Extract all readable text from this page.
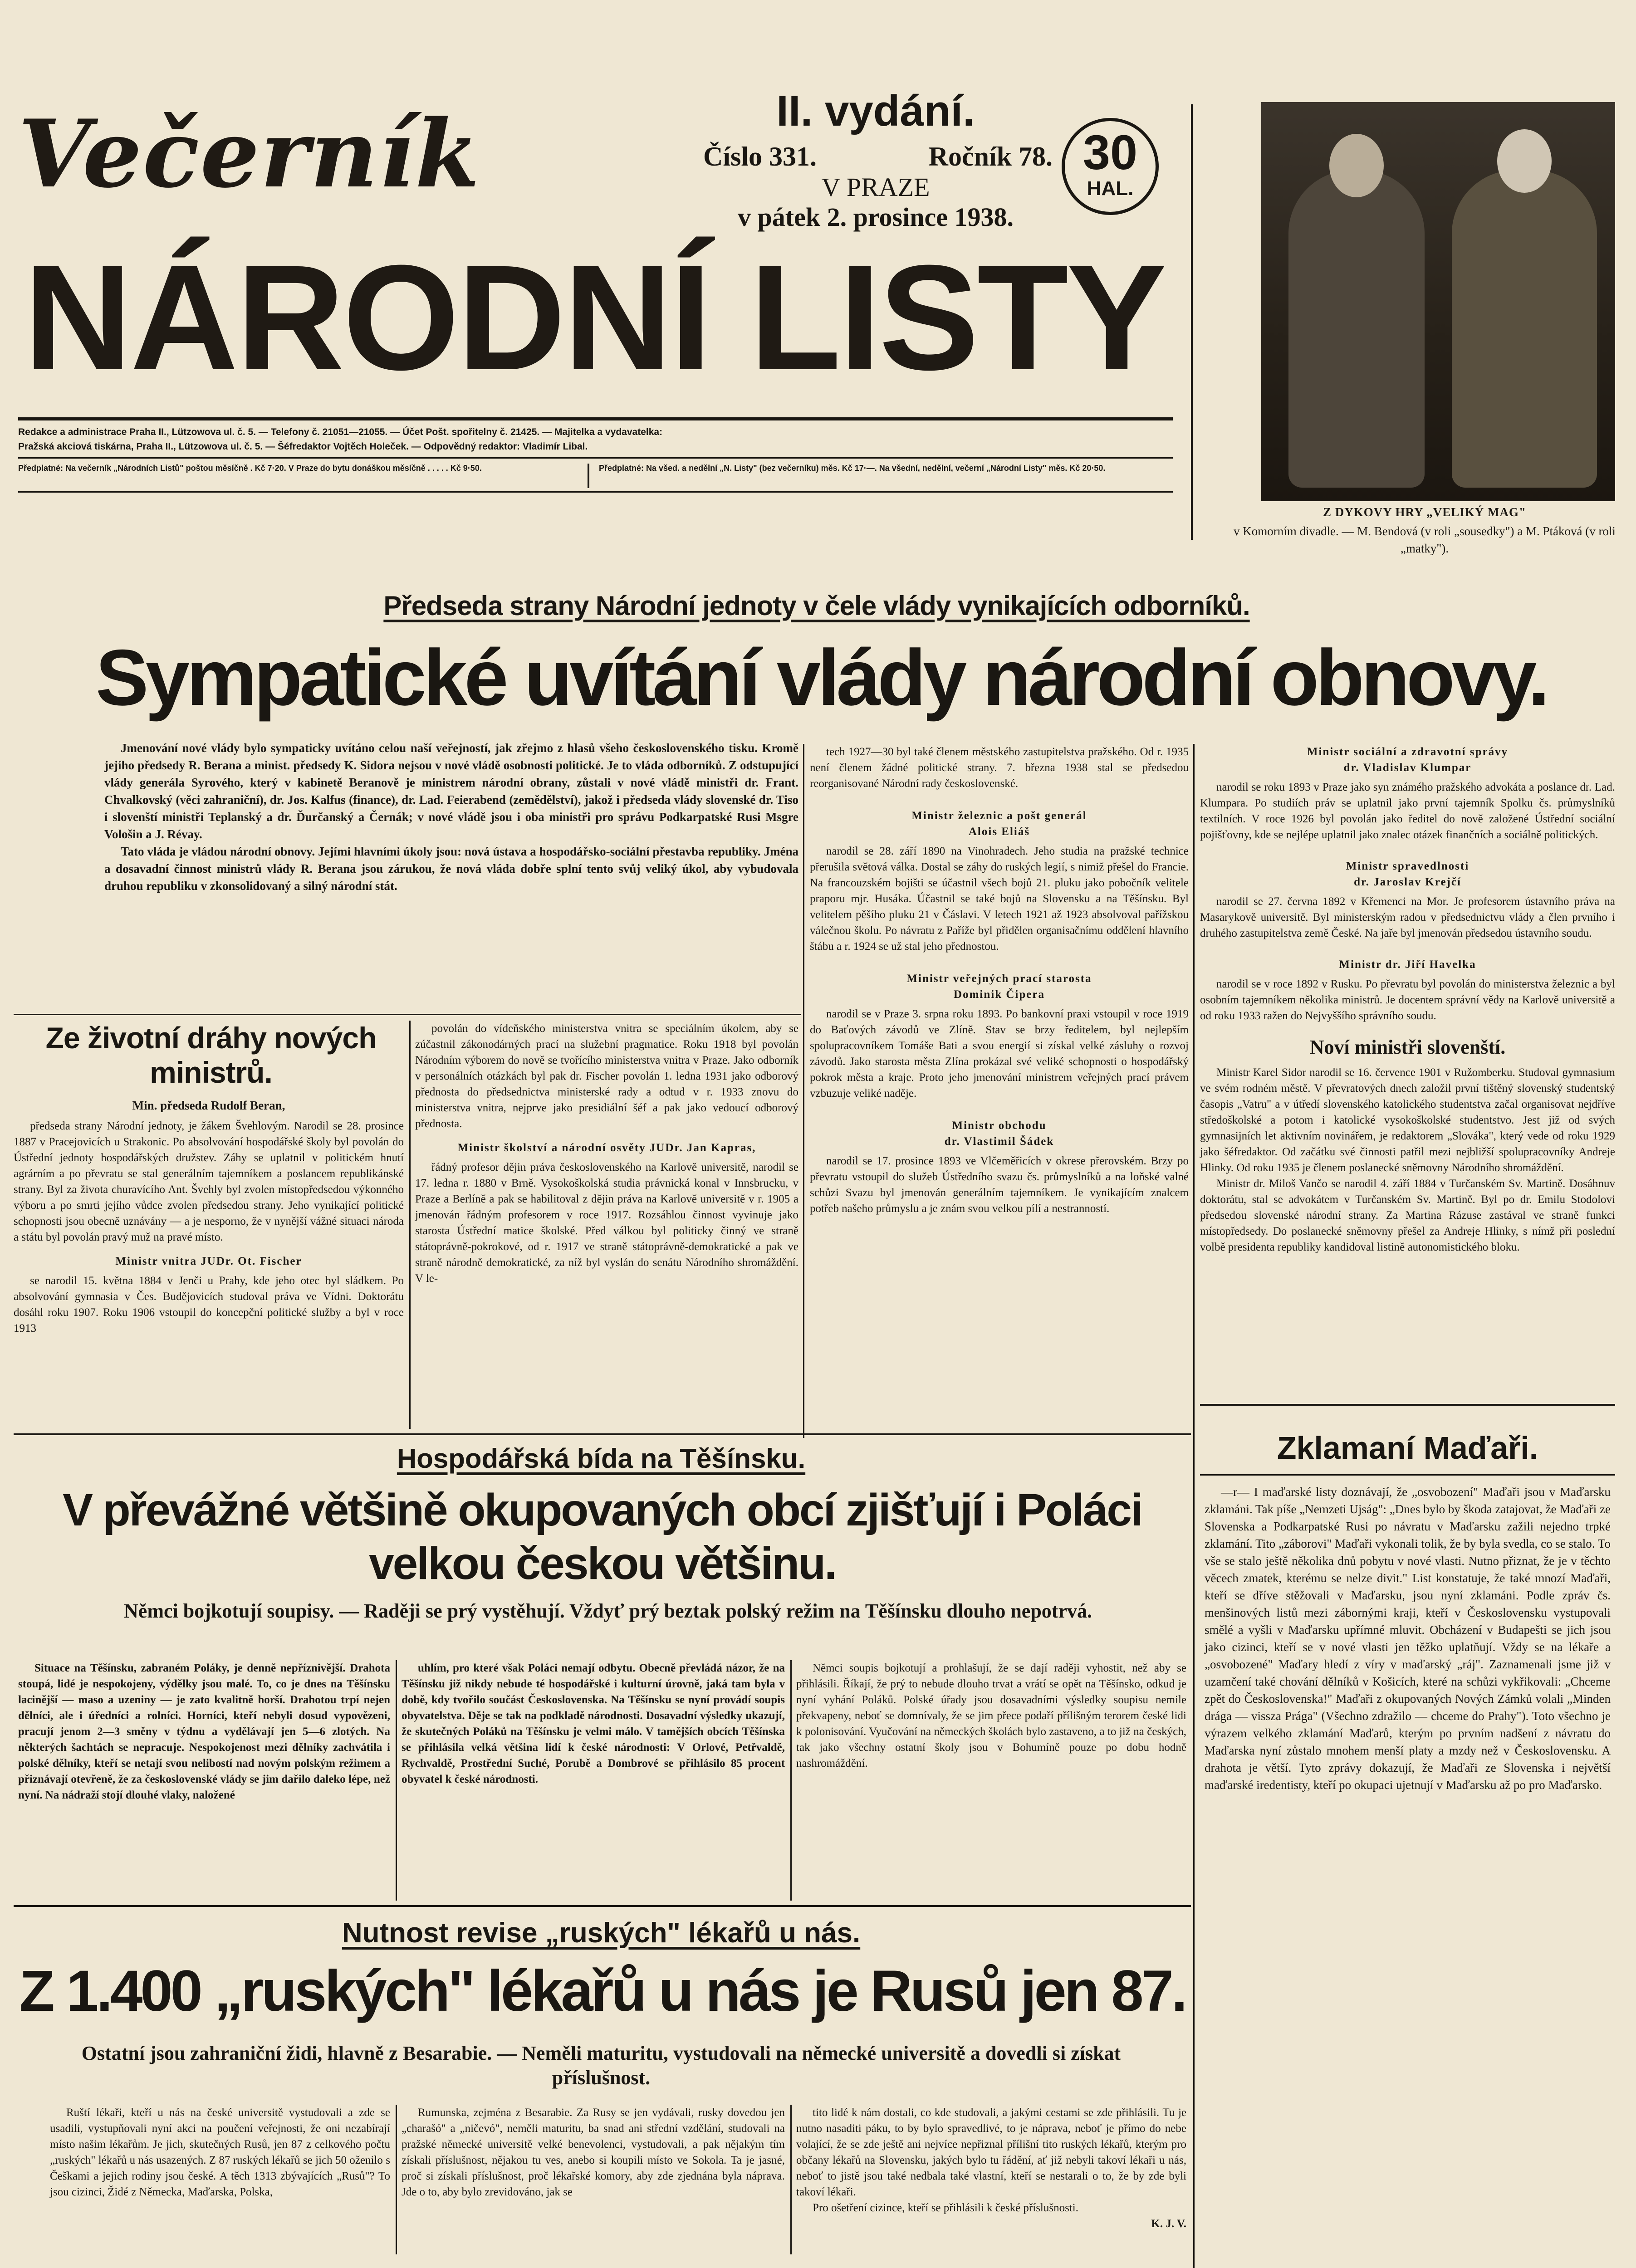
Večerník	II. vydání.
Číslo 331.	Ročník 78.
V PRAZE
v pátek 2. prosince 1938.
30
HAL.
NÁRODNÍ LISTY
Redakce a administrace Praha II., Lützowova ul. č. 5. — Telefony č. 21051—21055. — Účet Pošt. spořitelny č. 21425. — Majitelka a vydavatelka:
Pražská akciová tiskárna, Praha II., Lützowova ul. č. 5. — Šéfredaktor Vojtěch Holeček. — Odpovědný redaktor: Vladimír Libal.
Předplatné: Na večerník „Národních Listů" poštou měsíčně . Kč 7·20. V Praze do bytu donáškou měsíčně . . . . . Kč 9·50.	Předplatné: Na všed. a nedělní „N. Listy" (bez večerníku) měs. Kč 17·—. Na všední, nedělní, večerní „Národní Listy" měs. Kč 20·50.
Z DYKOVY HRY „VELIKÝ MAG"
v Komorním divadle. — M. Bendová (v roli „sousedky") a M. Ptáková (v roli „matky").
Předseda strany Národní jednoty v čele vlády vynikajících odborníků.
Sympatické uvítání vlády národní obnovy.

Jmenování nové vlády bylo sympaticky uvítáno celou naší veřejností, jak zřejmo z hlasů všeho československého tisku. Kromě jejího předsedy R. Berana a minist. předsedy K. Sidora nejsou v nové vládě osobnosti politické. Je to vláda odborníků. Z odstupující vlády generála Syrového, který v kabinetě Beranově je ministrem národní obrany, zůstali v nové vládě ministři dr. Frant. Chvalkovský (věci zahraniční), dr. Jos. Kalfus (finance), dr. Lad. Feierabend (zemědělství), jakož i předseda vlády slovenské dr. Tiso i slovenští ministři Teplanský a dr. Ďurčanský a Černák; v nové vládě jsou i oba ministři pro správu Podkarpatské Rusi Msgre Vološin a J. Révay.

Tato vláda je vládou národní obnovy. Jejími hlavními úkoly jsou: nová ústava a hospodářsko-sociální přestavba republiky. Jména a dosavadní činnost ministrů vlády R. Berana jsou zárukou, že nová vláda dobře splní tento svůj veliký úkol, aby vybudovala druhou republiku v zkonsolidovaný a silný národní stát.

Ze životní dráhy nových ministrů.

Min. předseda Rudolf Beran,

předseda strany Národní jednoty, je žákem Švehlovým. Narodil se 28. prosince 1887 v Pracejovicích u Strakonic. Po absolvování hospodářské školy byl povolán do Ústřední jednoty hospodářských družstev. Záhy se uplatnil v politickém hnutí agrárním a po převratu se stal generálním tajemníkem a poslancem republikánské strany. Byl za života churavícího Ant. Švehly byl zvolen místopředsedou výkonného výboru a po smrti jejího vůdce zvolen předsedou strany. Jeho vynikající politické schopnosti jsou obecně uznávány — a je nesporno, že v nynější vážné situaci národa a státu byl povolán pravý muž na pravé místo.

Ministr vnitra JUDr. Ot. Fischer

se narodil 15. května 1884 v Jenči u Prahy, kde jeho otec byl sládkem. Po absolvování gymnasia v Čes. Budějovicích studoval práva ve Vídni. Doktorátu dosáhl roku 1907. Roku 1906 vstoupil do koncepční politické služby a byl v roce 1913

povolán do vídeňského ministerstva vnitra se speciálním úkolem, aby se zúčastnil zákonodárných prací na služební pragmatice. Roku 1918 byl povolán Národním výborem do nově se tvořícího ministerstva vnitra v Praze. Jako odborník v personálních otázkách byl pak dr. Fischer povolán 1. ledna 1931 jako odborový přednosta do předsednictva ministerské rady a odtud v r. 1933 znovu do ministerstva vnitra, nejprve jako presidiální šéf a pak jako vedoucí odborový přednosta.

Ministr školství a národní osvěty JUDr. Jan Kapras,

řádný profesor dějin práva československého na Karlově universitě, narodil se 17. ledna r. 1880 v Brně. Vysokoškolská studia právnická konal v Innsbrucku, v Praze a Berlíně a pak se habilitoval z dějin práva na Karlově universitě v r. 1905 a jmenován řádným profesorem v roce 1917. Rozsáhlou činnost vyvinuje jako starosta Ústřední matice školské. Před válkou byl politicky činný ve straně státoprávně-pokrokové, od r. 1917 ve straně státoprávně-demokratické a pak ve straně národně demokratické, za níž byl vyslán do senátu Národního shromáždění. V le-

tech 1927—30 byl také členem městského zastupitelstva pražského. Od r. 1935 není členem žádné politické strany. 7. března 1938 stal se předsedou reorganisované Národní rady československé.

Ministr železnic a pošt generál

Alois Eliáš

narodil se 28. září 1890 na Vinohradech. Jeho studia na pražské technice přerušila světová válka. Dostal se záhy do ruských legií, s nimiž přešel do Francie. Na francouzském bojišti se účastnil všech bojů 21. pluku jako pobočník velitele praporu mjr. Husáka. Účastnil se také bojů na Slovensku a na Těšínsku. Byl velitelem pěšího pluku 21 v Čáslavi. V letech 1921 až 1923 absolvoval pařížskou válečnou školu. Po návratu z Paříže byl přidělen organisačnímu oddělení hlavního štábu a r. 1924 se už stal jeho přednostou.

Ministr veřejných prací starosta

Dominik Čipera

narodil se v Praze 3. srpna roku 1893. Po bankovní praxi vstoupil v roce 1919 do Baťových závodů ve Zlíně. Stav se brzy ředitelem, byl nejlepším spolupracovníkem Tomáše Bati a svou energií si získal velké zásluhy o rozvoj závodů. Jako starosta města Zlína prokázal své veliké schopnosti o hospodářský pokrok města a kraje. Proto jeho jmenování ministrem veřejných prací právem vzbuzuje veliké naděje.

Ministr obchodu

dr. Vlastimil Šádek

narodil se 17. prosince 1893 ve Vlčeměřicích v okrese přerovském. Brzy po převratu vstoupil do služeb Ústředního svazu čs. průmyslníků a na loňské valné schůzi Svazu byl jmenován generálním tajemníkem. Je vynikajícím znalcem potřeb našeho průmyslu a je znám svou velkou pílí a nestranností.

Ministr sociální a zdravotní správy

dr. Vladislav Klumpar

narodil se roku 1893 v Praze jako syn známého pražského advokáta a poslance dr. Lad. Klumpara. Po studiích práv se uplatnil jako první tajemník Spolku čs. průmyslníků textilních. V roce 1926 byl povolán jako ředitel do nově založené Ústřední sociální pojišťovny, kde se nejlépe uplatnil jako znalec otázek finančních a sociálně politických.

Ministr spravedlnosti

dr. Jaroslav Krejčí

narodil se 27. června 1892 v Křemenci na Mor. Je profesorem ústavního práva na Masarykově universitě. Byl ministerským radou v předsednictvu vlády a člen prvního i druhého zastupitelstva země České. Na jaře byl jmenován předsedou ústavního soudu.

Ministr dr. Jiří Havelka

narodil se v roce 1892 v Rusku. Po převratu byl povolán do ministerstva železnic a byl osobním tajemníkem několika ministrů. Je docentem správní vědy na Karlově universitě a od roku 1933 ražen do Nejvyššího správního soudu.

Noví ministři slovenští.

Ministr Karel Sidor narodil se 16. července 1901 v Ružomberku. Studoval gymnasium ve svém rodném městě. V převratových dnech založil první tištěný slovenský studentský časopis „Vatru" a v útředí slovenského katolického studentstva začal organisovat nejdříve středoškolské a potom i katolické vysokoškolské studentstvo. Jest již od svých gymnasijních let aktivním novinářem, je redaktorem „Slováka", který vede od roku 1929 jako šéfredaktor. Od začátku své činnosti patřil mezi nejbližší spolupracovníky Andreje Hlinky. Od roku 1935 je členem poslanecké sněmovny Národního shromáždění.

Ministr dr. Miloš Vančo se narodil 4. září 1884 v Turčanském Sv. Martině. Dosáhnuv doktorátu, stal se advokátem v Turčanském Sv. Martině. Byl po dr. Emilu Stodolovi předsedou slovenské národní strany. Za Martina Rázuse zastával ve straně funkci místopředsedy. Do poslanecké sněmovny přešel za Andreje Hlinky, s nímž při poslední volbě presidenta republiky kandidoval listině autonomistického bloku.

Hospodářská bída na Těšínsku.
V převážné většině okupovaných obcí zjišťují i Poláci velkou českou většinu.
Němci bojkotují soupisy. — Raději se prý vystěhují. Vždyť prý beztak polský režim na Těšínsku dlouho nepotrvá.

Situace na Těšínsku, zabraném Poláky, je denně nepříznivější. Drahota stoupá, lidé je nespokojeny, výdělky jsou malé. To, co je dnes na Těšínsku lacinější — maso a uzeniny — je zato kvalitně horší. Drahotou trpí nejen dělníci, ale i úředníci a rolníci. Horníci, kteří nebyli dosud vypovězeni, pracují jenom 2—3 směny v týdnu a vydělávají jen 5—6 zlotých. Na některých šachtách se nepracuje. Nespokojenost mezi dělníky zachvátila i polské dělníky, kteří se netají svou nelibostí nad novým polským režimem a přiznávají otevřeně, že za československé vlády se jim dařilo daleko lépe, než nyní. Na nádraží stojí dlouhé vlaky, naložené

uhlím, pro které však Poláci nemají odbytu. Obecně převládá názor, že na Těšínsku již nikdy nebude té hospodářské i kulturní úrovně, jaká tam byla v době, kdy tvořilo součást Československa. Na Těšínsku se nyní provádí soupis obyvatelstva. Děje se tak na podkladě národnosti. Dosavadní výsledky ukazují, že skutečných Poláků na Těšínsku je velmi málo. V tamějších obcích Těšínska se přihlásila velká většina lidí k české národnosti: V Orlové, Petřvaldě, Rychvaldě, Prostřední Suché, Porubě a Dombrové se přihlásilo 85 procent obyvatel k české národnosti.

Němci soupis bojkotují a prohlašují, že se dají raději vyhostit, než aby se přihlásili. Říkají, že prý to nebude dlouho trvat a vrátí se opět na Těšínsko, odkud je nyní vyhání Poláků. Polské úřady jsou dosavadními výsledky soupisu nemile překvapeny, neboť se domnívaly, že se jim přece podaří přílišným terorem české lidi k polonisování. Vyučování na německých školách bylo zastaveno, a to již na českých, tak jako všechny ostatní školy jsou v Bohumíně pouze po dobu hodně nashromáždění.

Nutnost revise „ruských" lékařů u nás.
Z 1.400 „ruských" lékařů u nás je Rusů jen 87.
Ostatní jsou zahraniční židi, hlavně z Besarabie. — Neměli maturitu, vystudovali na německé universitě a dovedli si získat příslušnost.

Ruští lékaři, kteří u nás na české universitě vystudovali a zde se usadili, vystupňovali nyní akci na poučení veřejnosti, že oni nezabírají místo našim lékařům. Je jich, skutečných Rusů, jen 87 z celkového počtu „ruských" lékařů u nás usazených. Z 87 ruských lékařů se jich 50 oženilo s Češkami a jejich rodiny jsou české. A těch 1313 zbývajících „Rusů"? To jsou cizinci, Židé z Německa, Maďarska, Polska,

Rumunska, zejména z Besarabie. Za Rusy se jen vydávali, rusky dovedou jen „charašó" a „ničevó", neměli maturitu, ba snad ani střední vzdělání, studovali na pražské německé universitě velké benevolenci, vystudovali, a pak nějakým tím získali příslušnost, nějakou tu ves, anebo si koupili místo ve Sokola. Ta je jasné, proč si získali příslušnost, proč lékařské komory, aby zde zjednána byla náprava. Jde o to, aby bylo zrevidováno, jak se

tito lidé k nám dostali, co kde studovali, a jakými cestami se zde přihlásili. Tu je nutno nasaditi páku, to by bylo spravedlivé, to je náprava, neboť je přímo do nebe volající, že se zde ještě ani nejvíce nepřiznal přílišní tito ruských lékařů, kterým pro občany lékařů na Slovensku, jakých bylo tu řádění, ať již nebyli takoví lékaři u nás, neboť to jistě jsou také nedbala také vlastní, kteří se nestarali o to, že by zde byli takoví lékaři.

Pro ošetření cizince, kteří se přihlásili k české příslušnosti.

K. J. V.

Zklamaní Maďaři.

—r— I maďarské listy doznávají, že „osvobození" Maďaři jsou v Maďarsku zklamáni. Tak píše „Nemzeti Ujság": „Dnes bylo by škoda zatajovat, že Maďaři ze Slovenska a Podkarpatské Rusi po návratu v Maďarsku zažili nejedno trpké zklamání. Tito „záborovi" Maďaři vykonali tolik, že by byla svedla, co se stalo. To vše se stalo ještě několika dnů pobytu v nové vlasti. Nutno přiznat, že je v těchto věcech zmatek, kterému se nelze divit." List konstatuje, že také mnozí Maďaři, kteří se dříve stěžovali v Maďarsku, jsou nyní zklamáni. Podle zpráv čs. menšinových listů mezi zábornými kraji, kteří v Československu vystupovali smělé a vyšli v Maďarsku upřímné mluvit. Obcházení v Budapešti se jich jsou jako cizinci, kteří se v nové vlasti jen těžko uplatňují. Vždy se na lékaře a „osvobozené" Maďary hledí z víry v maďarský „ráj". Zaznamenali jsme již v uzamčení také chování dělníků v Košicích, které na schůzi vykřikovali: „Chceme zpět do Československa!" Maďaři z okupovaných Nových Zámků volali „Minden drága — vissza Prága" (Všechno zdražilo — chceme do Prahy"). Toto všechno je výrazem velkého zklamání Maďarů, kterým po prvním nadšení z návratu do Maďarska nyní zůstalo mnohem menší platy a mzdy než v Československu. A drahota je větší. Tyto zprávy dokazují, že Maďaři ze Slovenska i největší maďarské iredentisty, kteří po okupaci ujetnují v Maďarsku až po pro Maďarsko.
